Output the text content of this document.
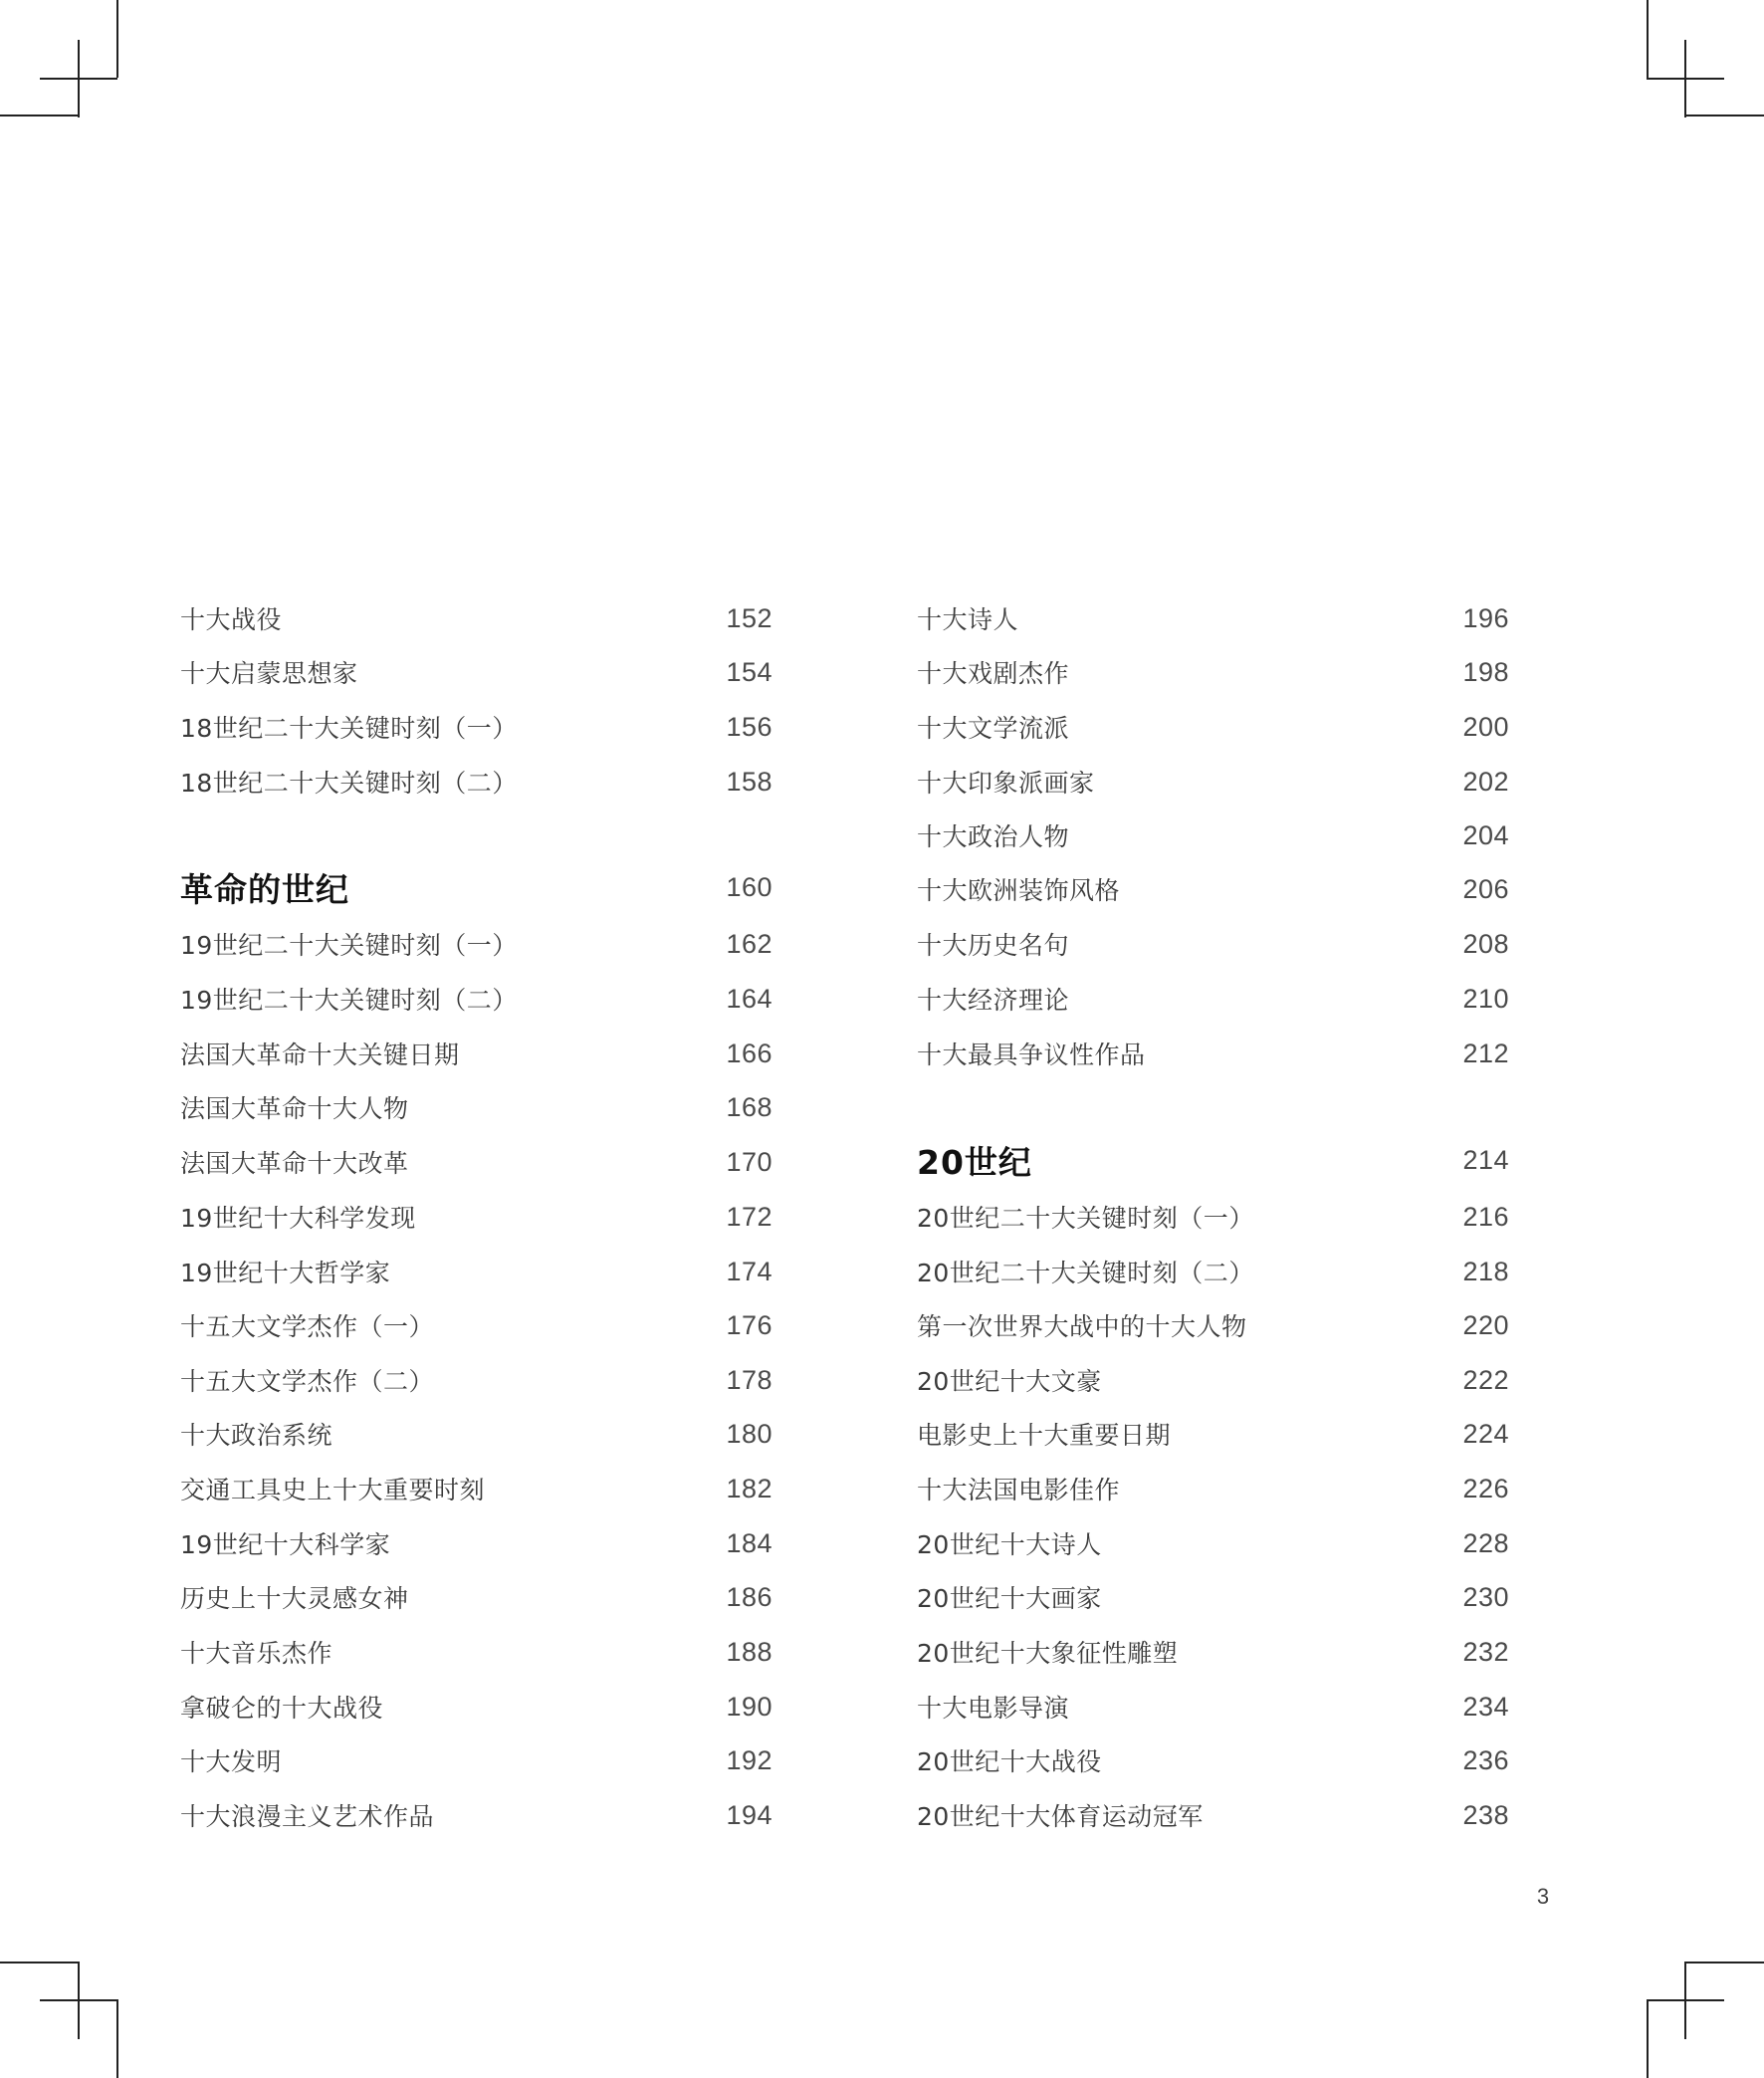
十大战役	152
十大启蒙思想家	154
18世纪二十大关键时刻（一）	156
18世纪二十大关键时刻（二）	158
革命的世纪	160
19世纪二十大关键时刻（一）	162
19世纪二十大关键时刻（二）	164
法国大革命十大关键日期	166
法国大革命十大人物	168
法国大革命十大改革	170
19世纪十大科学发现	172
19世纪十大哲学家	174
十五大文学杰作（一）	176
十五大文学杰作（二）	178
十大政治系统	180
交通工具史上十大重要时刻	182
19世纪十大科学家	184
历史上十大灵感女神	186
十大音乐杰作	188
拿破仑的十大战役	190
十大发明	192
十大浪漫主义艺术作品	194
十大诗人	196
十大戏剧杰作	198
十大文学流派	200
十大印象派画家	202
十大政治人物	204
十大欧洲装饰风格	206
十大历史名句	208
十大经济理论	210
十大最具争议性作品	212
20世纪	214
20世纪二十大关键时刻（一）	216
20世纪二十大关键时刻（二）	218
第一次世界大战中的十大人物	220
20世纪十大文豪	222
电影史上十大重要日期	224
十大法国电影佳作	226
20世纪十大诗人	228
20世纪十大画家	230
20世纪十大象征性雕塑	232
十大电影导演	234
20世纪十大战役	236
20世纪十大体育运动冠军	238
3
